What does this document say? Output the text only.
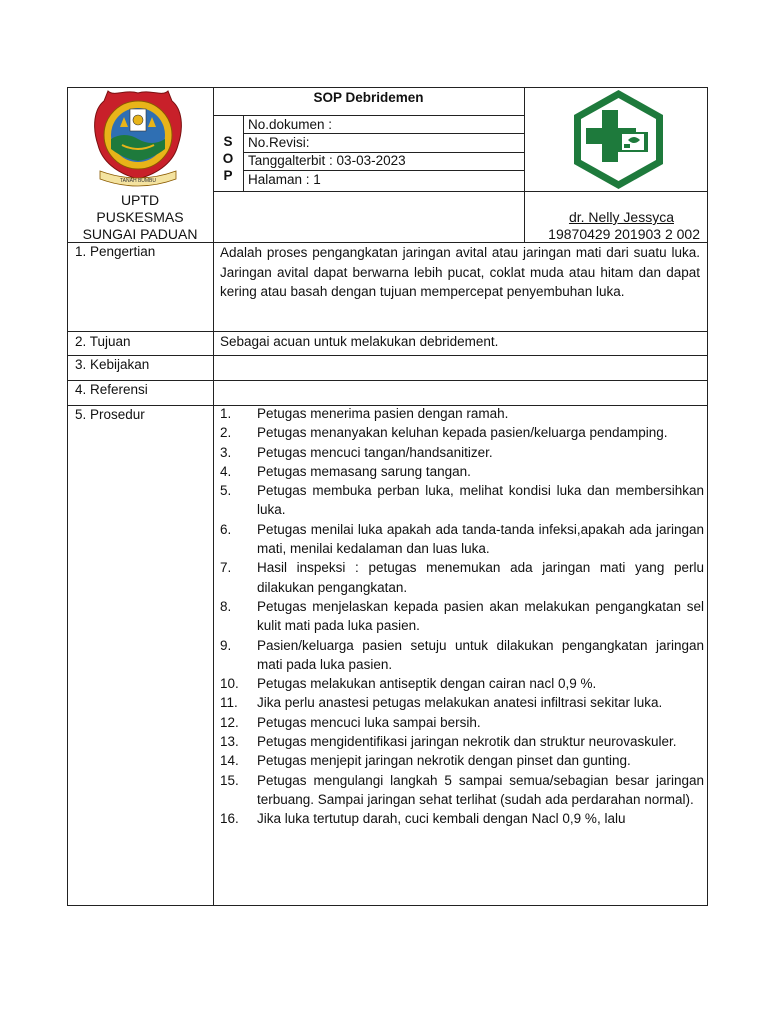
TANAH BUMBU
UPTD
PUSKESMAS
SUNGAI PADUAN
SOP Debridemen
S
O
P
No.dokumen :
No.Revisi:
Tanggalterbit : 03-03-2023
Halaman : 1
dr. Nelly Jessyca
19870429 201903 2 002
1. Pengertian
2. Tujuan
3. Kebijakan
4. Referensi
5. Prosedur
Adalah proses pengangkatan jaringan avital atau jaringan mati dari suatu luka. Jaringan avital dapat berwarna lebih pucat, coklat muda atau hitam dan dapat kering atau basah dengan tujuan mempercepat penyembuhan luka.
Sebagai acuan untuk melakukan debridement.
1. Petugas menerima pasien dengan ramah.
2. Petugas menanyakan keluhan kepada pasien/keluarga pendamping.
3. Petugas mencuci tangan/handsanitizer.
4. Petugas memasang sarung tangan.
5. Petugas membuka perban luka, melihat kondisi luka dan membersihkan luka.
6. Petugas menilai luka apakah ada tanda-tanda infeksi,apakah ada jaringan mati, menilai kedalaman dan luas luka.
7. Hasil inspeksi : petugas menemukan ada jaringan mati yang perlu dilakukan pengangkatan.
8. Petugas menjelaskan kepada pasien akan melakukan pengangkatan sel kulit mati pada luka pasien.
9. Pasien/keluarga pasien setuju untuk dilakukan pengangkatan jaringan mati pada luka pasien.
10. Petugas melakukan antiseptik dengan cairan nacl 0,9 %.
11. Jika perlu anastesi petugas melakukan anatesi infiltrasi sekitar luka.
12. Petugas mencuci luka sampai bersih.
13. Petugas mengidentifikasi jaringan nekrotik dan struktur neurovaskuler.
14. Petugas menjepit jaringan nekrotik dengan pinset dan gunting.
15. Petugas mengulangi langkah 5 sampai semua/sebagian besar jaringan terbuang. Sampai jaringan sehat terlihat (sudah ada perdarahan normal).
16. Jika luka tertutup darah, cuci kembali dengan Nacl 0,9 %, lalu
